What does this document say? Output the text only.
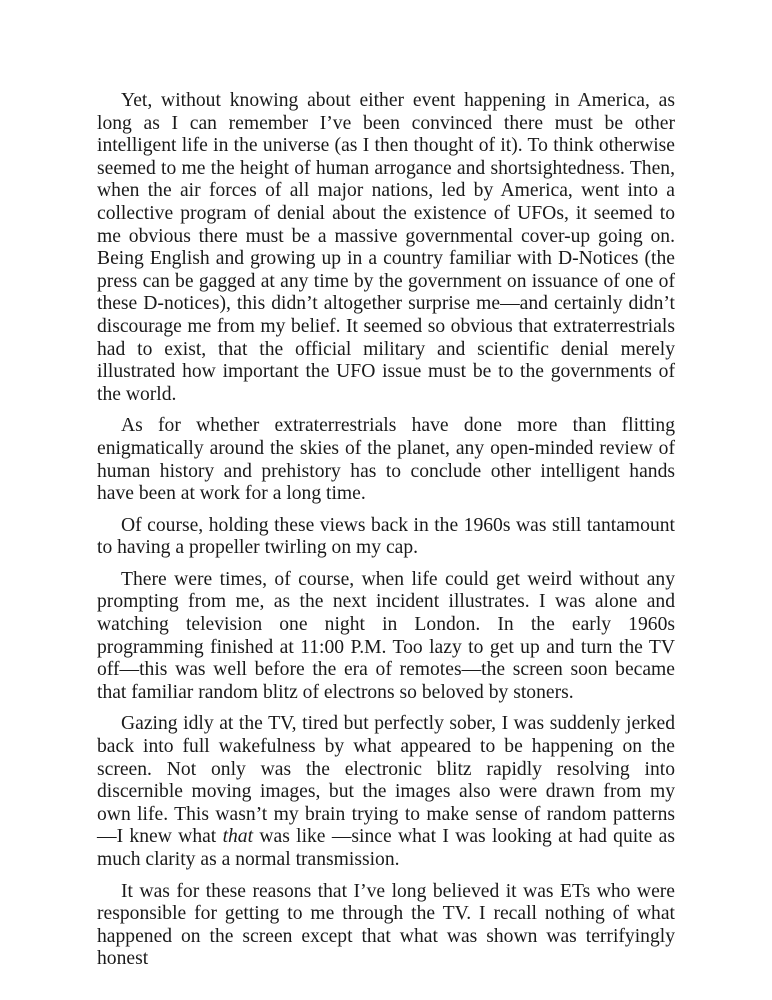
Yet, without knowing about either event happening in America, as long as I can remember I’ve been convinced there must be other intelligent life in the universe (as I then thought of it). To think otherwise seemed to me the height of human arrogance and shortsightedness. Then, when the air forces of all major nations, led by America, went into a collective program of denial about the existence of UFOs, it seemed to me obvious there must be a massive governmental cover-up going on. Being English and growing up in a country familiar with D-Notices (the press can be gagged at any time by the government on issuance of one of these D-notices), this didn’t altogether surprise me—and certainly didn’t discourage me from my belief. It seemed so obvious that extraterrestrials had to exist, that the official military and scientific denial merely illustrated how important the UFO issue must be to the governments of the world.

As for whether extraterrestrials have done more than flitting enigmatically around the skies of the planet, any open-minded review of human history and prehistory has to conclude other intelligent hands have been at work for a long time.

Of course, holding these views back in the 1960s was still tantamount to having a propeller twirling on my cap.

There were times, of course, when life could get weird without any prompting from me, as the next incident illustrates. I was alone and watching television one night in London. In the early 1960s programming finished at 11:00 P.M. Too lazy to get up and turn the TV off—this was well before the era of remotes—the screen soon became that familiar random blitz of electrons so beloved by stoners.

Gazing idly at the TV, tired but perfectly sober, I was suddenly jerked back into full wakefulness by what appeared to be happening on the screen. Not only was the electronic blitz rapidly resolving into discernible moving images, but the images also were drawn from my own life. This wasn’t my brain trying to make sense of random patterns—I knew what that was like —since what I was looking at had quite as much clarity as a normal transmission.

It was for these reasons that I’ve long believed it was ETs who were responsible for getting to me through the TV. I recall nothing of what happened on the screen except that what was shown was terrifyingly honest
